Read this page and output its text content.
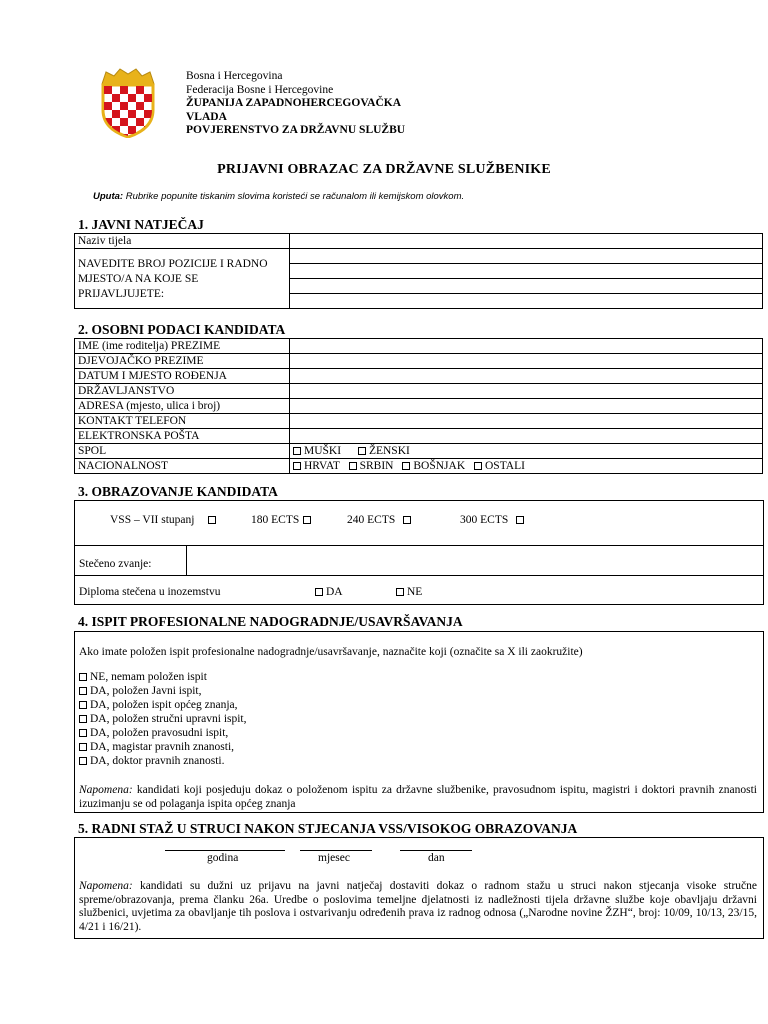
Bosna i Hercegovina
Federacija Bosne i Hercegovine
ŽUPANIJA ZAPADNOHERCEGOVAČKA
VLADA
POVJERENSTVO ZA DRŽAVNU SLUŽBU
PRIJAVNI OBRAZAC ZA DRŽAVNE SLUŽBENIKE
Uputa: Rubrike popunite tiskanim slovima koristeći se računalom ili kemijskom olovkom.
1. JAVNI NATJEČAJ
Naziv tijela	
NAVEDITE BROJ POZICIJE I RADNO MJESTO/A NA KOJE SE PRIJAVLJUJETE:	

2. OSOBNI PODACI KANDIDATA
IME (ime roditelja) PREZIME	
DJEVOJAČKO PREZIME	
DATUM I MJESTO ROĐENJA	
DRŽAVLJANSTVO	
ADRESA (mjesto, ulica i broj)	
KONTAKT TELEFON	
ELEKTRONSKA POŠTA	
SPOL	MUŠKI ŽENSKI
NACIONALNOST	HRVAT SRBIN BOŠNJAK OSTALI
3. OBRAZOVANJE KANDIDATA
VSS – VII stupanj	180 ECTS	240 ECTS	300 ECTS
Stečeno zvanje:
Diploma stečena u inozemstvu	DA	NE
4. ISPIT PROFESIONALNE NADOGRADNJE/USAVRŠAVANJA
Ako imate položen ispit profesionalne nadogradnje/usavršavanje, naznačite koji (označite sa X ili zaokružite)
NE, nemam položen ispit
DA, položen Javni ispit,
DA, položen ispit općeg znanja,
DA, položen stručni upravni ispit,
DA, položen pravosudni ispit,
DA, magistar pravnih znanosti,
DA, doktor pravnih znanosti.
Napomena: kandidati koji posjeduju dokaz o položenom ispitu za državne službenike, pravosudnom ispitu, magistri i doktori pravnih znanosti izuzimanju se od polaganja ispita općeg znanja
5. RADNI STAŽ U STRUCI NAKON STJECANJA VSS/VISOKOG OBRAZOVANJA
godina	mjesec	dan
Napomena: kandidati su dužni uz prijavu na javni natječaj dostaviti dokaz o radnom stažu u struci nakon stjecanja visoke stručne spreme/obrazovanja, prema članku 26a. Uredbe o poslovima temeljne djelatnosti iz nadležnosti tijela državne službe koje obavljaju državni službenici, uvjetima za obavljanje tih poslova i ostvarivanju određenih prava iz radnog odnosa („Narodne novine ŽZH“, broj: 10/09, 10/13, 23/15, 4/21 i 16/21).
